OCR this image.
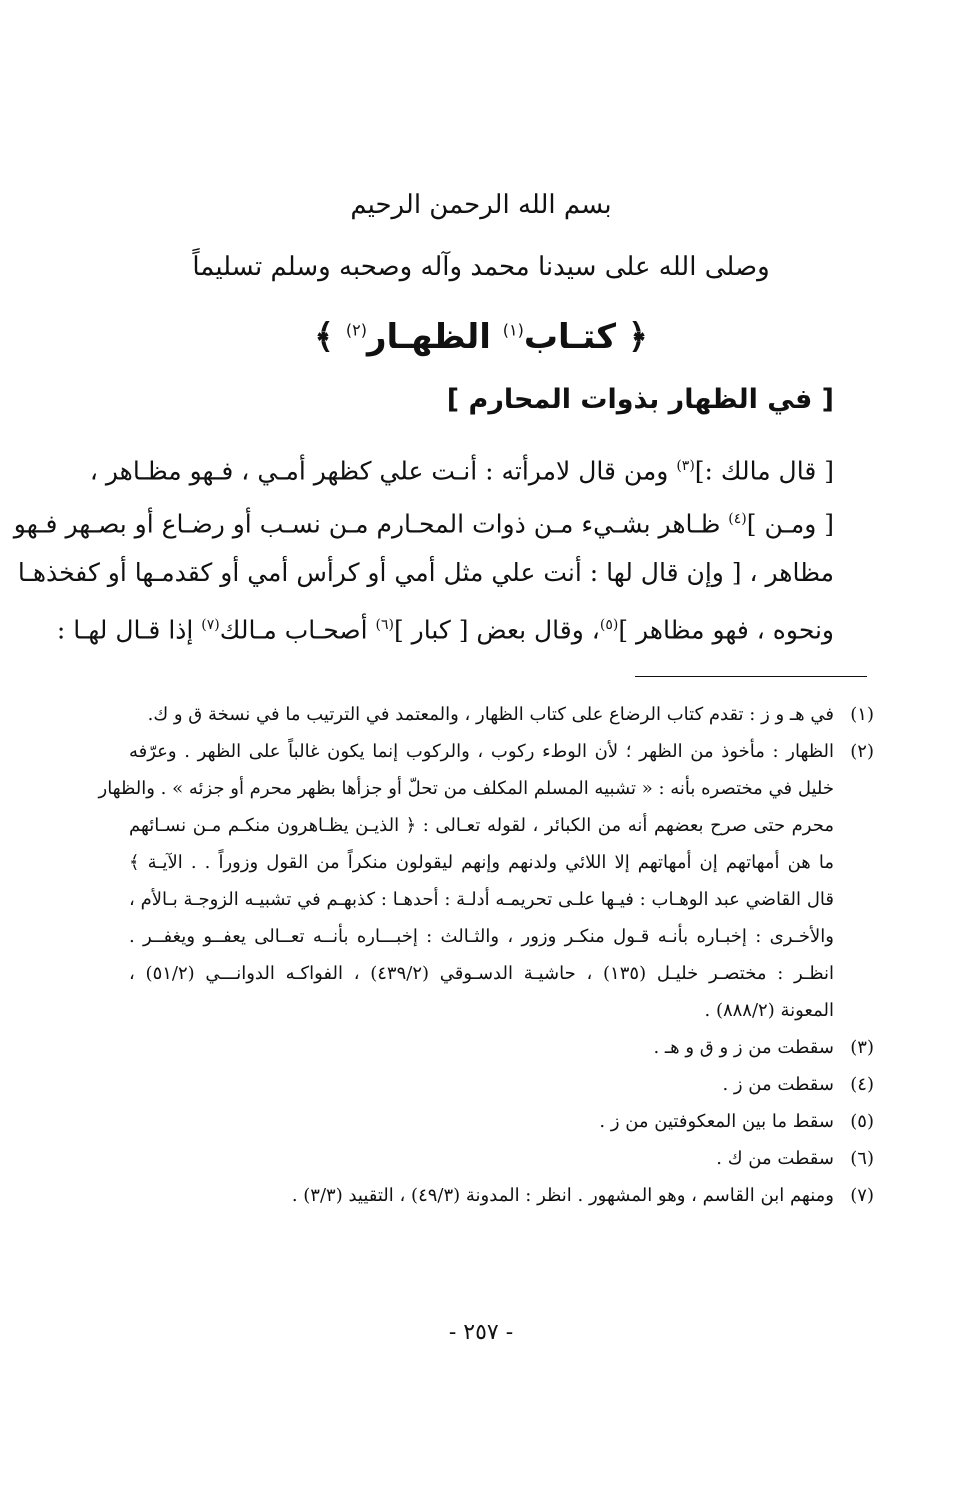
بسم الله الرحمن الرحيم
وصلى الله على سيدنا محمد وآله وصحبه وسلم تسليماً
﴿ كتـاب$^{(١)}$ الظهـار$^{(٢)}$ ﴾
[ في الظهار بذوات المحارم ]
[ قال مالك :]$^{(٣)}$ ومن قال لامرأته : أنـت علي كظهر أمـي ، فـهو مظـاهر ،
[ ومـن ]$^{(٤)}$ ظـاهر بشـيء مـن ذوات المحـارم مـن نسـب أو رضـاع أو بصـهر فـهو
مظاهر ، [ وإن قال لها : أنت علي مثل أمي أو كرأس أمي أو كقدمـها أو كفخذهـا
ونحوه ، فهو مظاهر ]$^{(٥)}$، وقال بعض [ كبار ]$^{(٦)}$ أصحـاب مـالك$^{(٧)}$ إذا قـال لهـا :
(١)
في هـ و ز : تقدم كتاب الرضاع على كتاب الظهار ، والمعتمد في الترتيب ما في نسخة ق و ك.
(٢)
الظهار : مأخوذ من الظهر ؛ لأن الوطء ركوب ، والركوب إنما يكون غالباً على الظهر . وعرّفه
خليل في مختصره بأنه : « تشبيه المسلم المكلف من تحلّ أو جزأها بظهر محرم أو جزئه » . والظهار
محرم حتى صرح بعضهم أنه من الكبائر ، لقوله تعـالى : ﴿ الذيـن يظـاهرون منكـم مـن نسـائهم
ما هن أمهاتهم إن أمهاتهم إلا اللائي ولدنهم وإنهم ليقولون منكراً من القول وزوراً . . الآيـة ﴾
قال القاضي عبد الوهـاب : فيـها علـى تحريمـه أدلـة : أحدهـا : كذبهـم في تشبيـه الزوجـة بـالأم ،
والأخـرى : إخبـاره بأنـه قـول منكـر وزور ، والثـالث : إخبـــاره بأنــه تعــالى يعفــو ويغفــر .
انظـر : مختصـر خليـل (١٣٥) ، حاشيـة الدسـوقي (٤٣٩/٢) ، الفواكـه الدوانـــي (٥١/٢) ،
المعونة (٨٨٨/٢) .
(٣)
سقطت من ز و ق و هـ .
(٤)
سقطت من ز .
(٥)
سقط ما بين المعكوفتين من ز .
(٦)
سقطت من ك .
(٧)
ومنهم ابن القاسم ، وهو المشهور . انظر : المدونة (٤٩/٣) ، التقييد (٣/٣) .
- ٢٥٧ -
